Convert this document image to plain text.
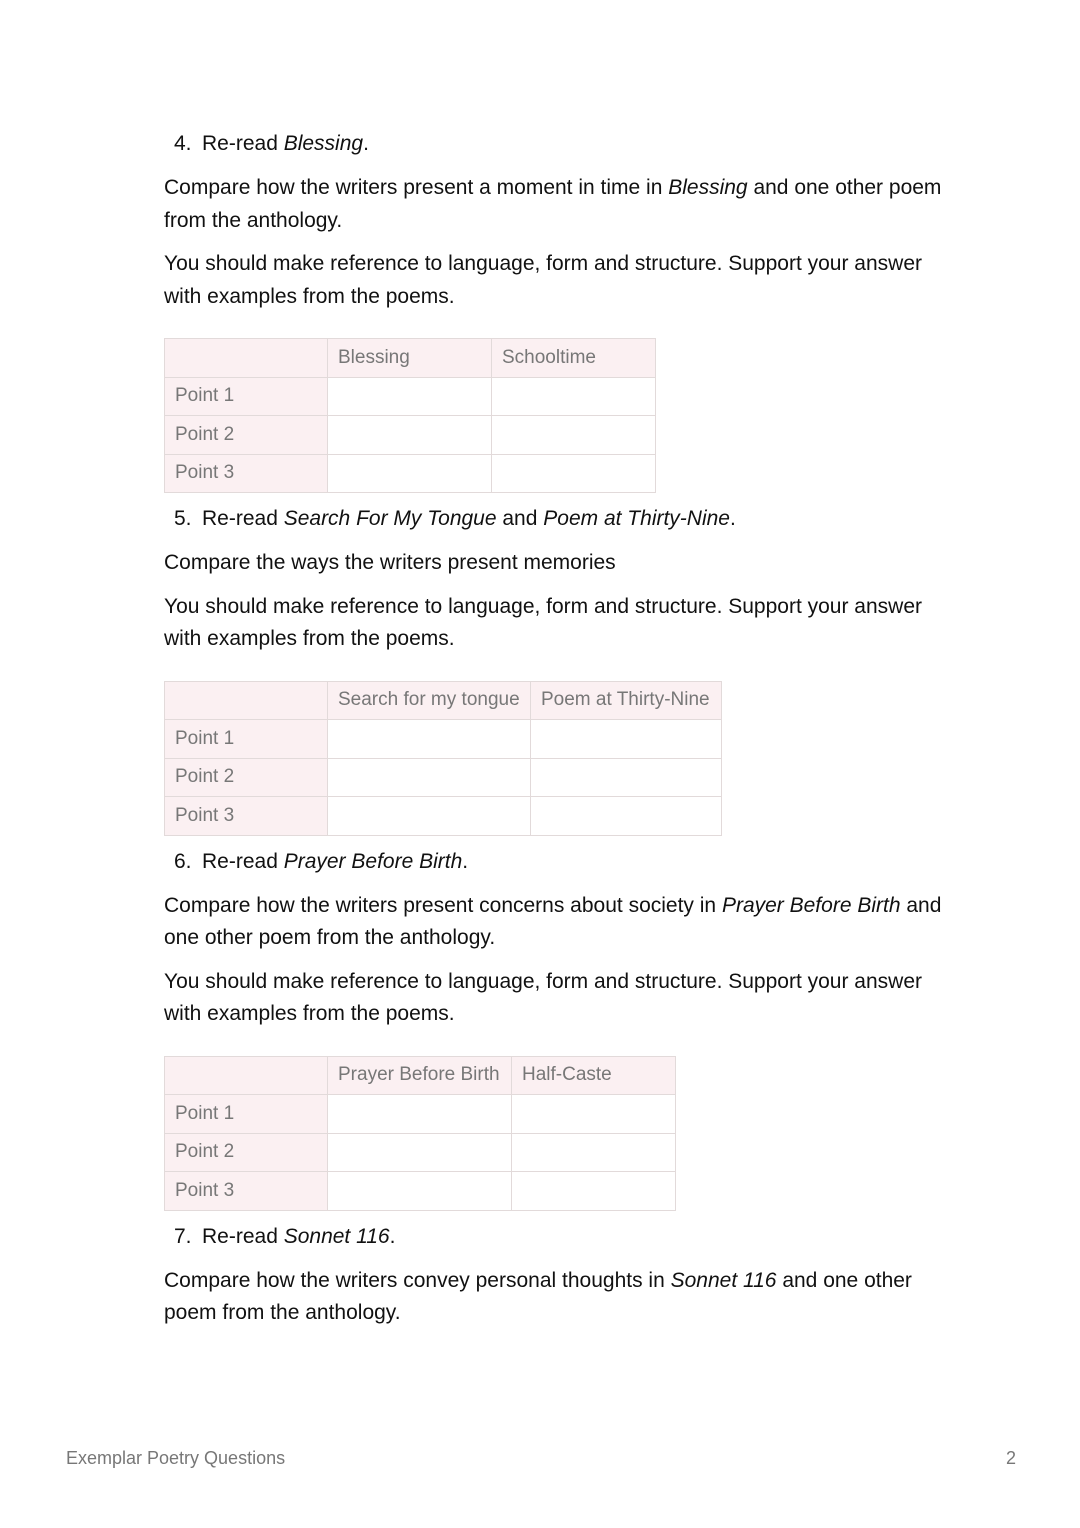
4. Re-read Blessing.
Compare how the writers present a moment in time in Blessing and one other poem from the anthology.
You should make reference to language, form and structure. Support your answer with examples from the poems.
	Blessing	Schooltime
Point 1		
Point 2		
Point 3		
5. Re-read Search For My Tongue and Poem at Thirty-Nine.
Compare the ways the writers present memories
You should make reference to language, form and structure. Support your answer with examples from the poems.
	Search for my tongue	Poem at Thirty-Nine
Point 1		
Point 2		
Point 3		
6. Re-read Prayer Before Birth.
Compare how the writers present concerns about society in Prayer Before Birth and one other poem from the anthology.
You should make reference to language, form and structure. Support your answer with examples from the poems.
	Prayer Before Birth	Half-Caste
Point 1		
Point 2		
Point 3		
7. Re-read Sonnet 116.
Compare how the writers convey personal thoughts in Sonnet 116 and one other poem from the anthology.
Exemplar Poetry Questions	2
